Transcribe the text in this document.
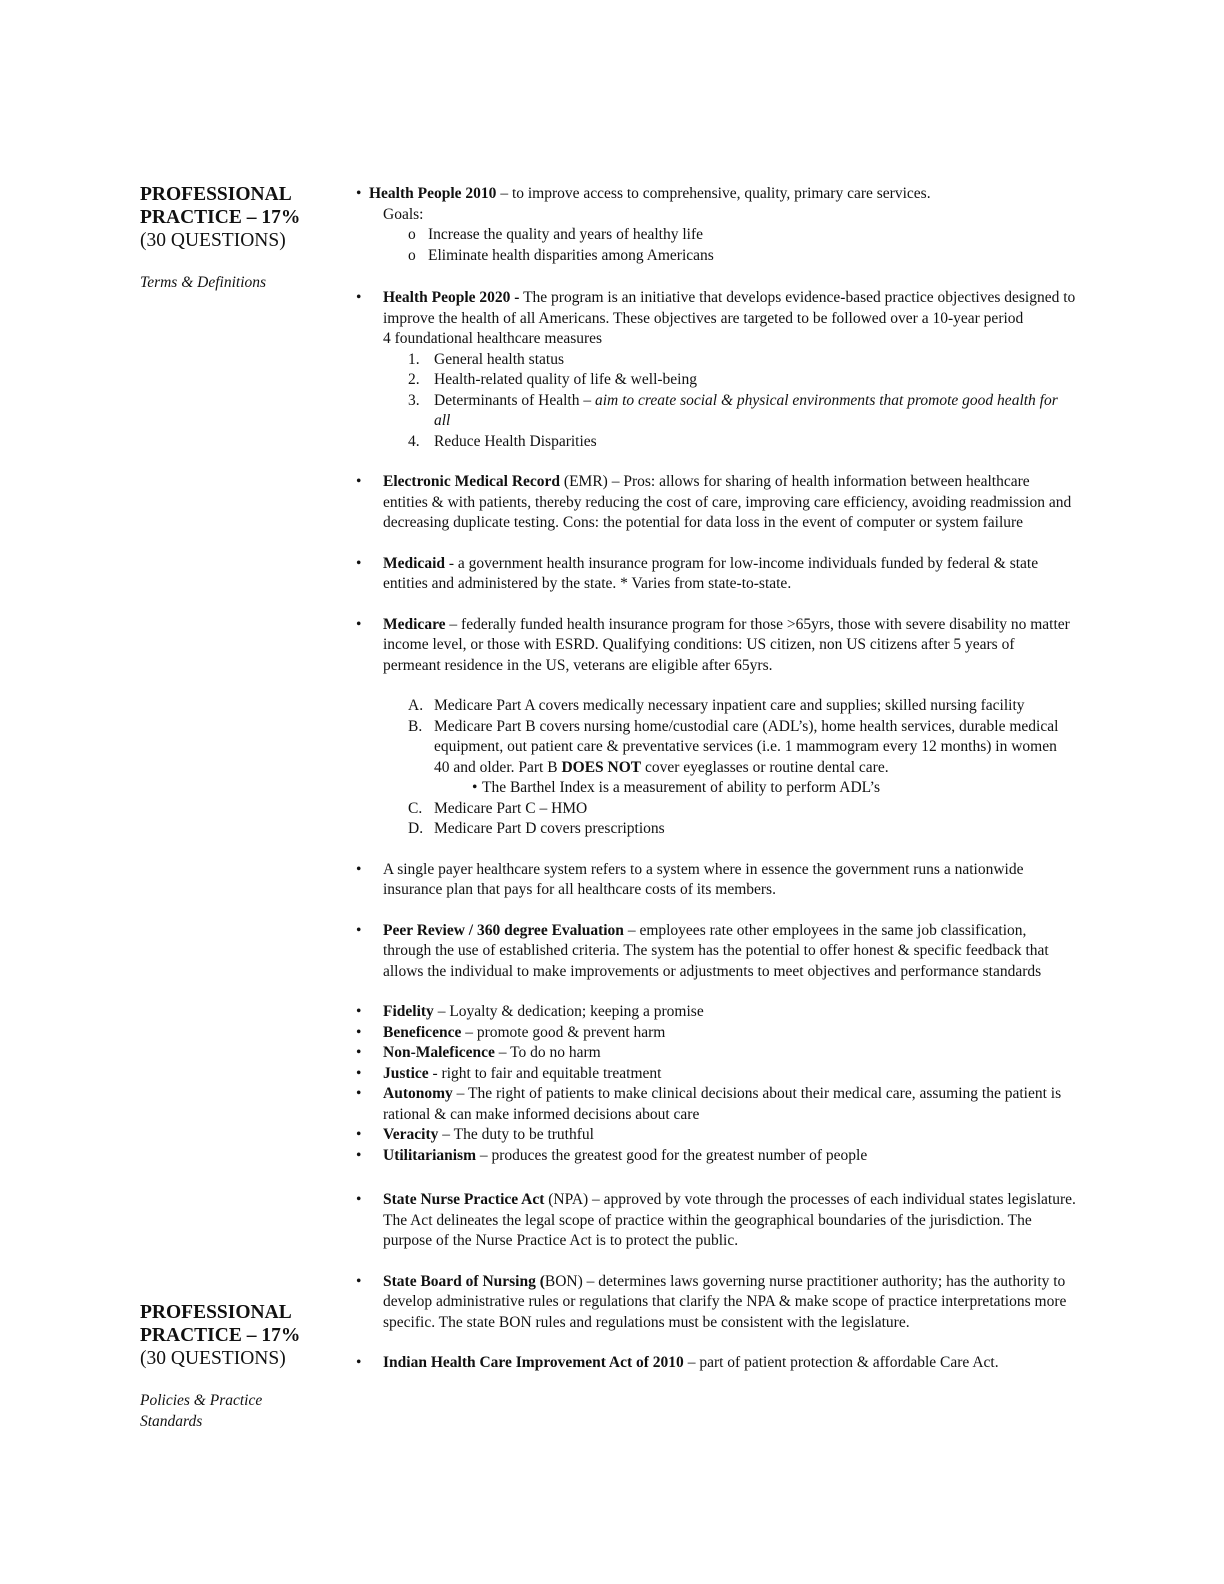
PROFESSIONAL
PRACTICE – 17%
(30 QUESTIONS)
Terms & Definitions
PROFESSIONAL
PRACTICE – 17%
(30 QUESTIONS)
Policies & Practice Standards
• Health People 2010 – to improve access to comprehensive, quality, primary care services.
Goals:
o Increase the quality and years of healthy life
o Eliminate health disparities among Americans
• Health People 2020 - The program is an initiative that develops evidence-based practice objectives designed to improve the health of all Americans. These objectives are targeted to be followed over a 10-year period
4 foundational healthcare measures
1. General health status
2. Health-related quality of life & well-being
3. Determinants of Health – aim to create social & physical environments that promote good health for all
4. Reduce Health Disparities
• Electronic Medical Record (EMR) – Pros: allows for sharing of health information between healthcare entities & with patients, thereby reducing the cost of care, improving care efficiency, avoiding readmission and decreasing duplicate testing. Cons: the potential for data loss in the event of computer or system failure
• Medicaid - a government health insurance program for low-income individuals funded by federal & state entities and administered by the state. * Varies from state-to-state.
• Medicare – federally funded health insurance program for those >65yrs, those with severe disability no matter income level, or those with ESRD. Qualifying conditions: US citizen, non US citizens after 5 years of permeant residence in the US, veterans are eligible after 65yrs.
A. Medicare Part A covers medically necessary inpatient care and supplies; skilled nursing facility
B. Medicare Part B covers nursing home/custodial care (ADL’s), home health services, durable medical equipment, out patient care & preventative services (i.e. 1 mammogram every 12 months) in women 40 and older. Part B DOES NOT cover eyeglasses or routine dental care.
• The Barthel Index is a measurement of ability to perform ADL’s
C. Medicare Part C – HMO
D. Medicare Part D covers prescriptions
• A single payer healthcare system refers to a system where in essence the government runs a nationwide insurance plan that pays for all healthcare costs of its members.
• Peer Review / 360 degree Evaluation – employees rate other employees in the same job classification, through the use of established criteria. The system has the potential to offer honest & specific feedback that allows the individual to make improvements or adjustments to meet objectives and performance standards
• Fidelity – Loyalty & dedication; keeping a promise
• Beneficence – promote good & prevent harm
• Non-Maleficence – To do no harm
• Justice - right to fair and equitable treatment
• Autonomy – The right of patients to make clinical decisions about their medical care, assuming the patient is rational & can make informed decisions about care
• Veracity – The duty to be truthful
• Utilitarianism – produces the greatest good for the greatest number of people
• State Nurse Practice Act (NPA) – approved by vote through the processes of each individual states legislature. The Act delineates the legal scope of practice within the geographical boundaries of the jurisdiction. The purpose of the Nurse Practice Act is to protect the public.
• State Board of Nursing (BON) – determines laws governing nurse practitioner authority; has the authority to develop administrative rules or regulations that clarify the NPA & make scope of practice interpretations more specific. The state BON rules and regulations must be consistent with the legislature.
• Indian Health Care Improvement Act of 2010 – part of patient protection & affordable Care Act.
